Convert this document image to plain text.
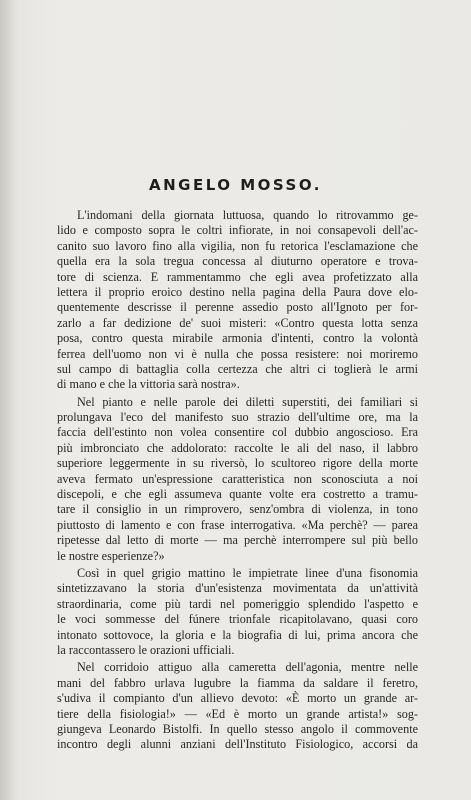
ANGELO MOSSO.
L'indomani della giornata luttuosa, quando lo ritrovammo ge-
lido e composto sopra le coltri infiorate, in noi consapevoli dell'ac-
canito suo lavoro fino alla vigilia, non fu retorica l'esclamazione che
quella era la sola tregua concessa al diuturno operatore e trova-
tore di scienza. E rammentammo che egli avea profetizzato alla
lettera il proprio eroico destino nella pagina della Paura dove elo-
quentemente descrisse il perenne assedio posto all'Ignoto per for-
zarlo a far dedizione de' suoi misteri: «Contro questa lotta senza
posa, contro questa mirabile armonia d'intenti, contro la volontà
ferrea dell'uomo non vi è nulla che possa resistere: noi moriremo
sul campo di battaglia colla certezza che altri ci toglierà le armi
di mano e che la vittoria sarà nostra».
Nel pianto e nelle parole dei diletti superstiti, dei familiari si
prolungava l'eco del manifesto suo strazio dell'ultime ore, ma la
faccia dell'estinto non volea consentire col dubbio angoscioso. Era
più imbronciato che addolorato: raccolte le ali del naso, il labbro
superiore leggermente in su riversò, lo scultoreo rigore della morte
aveva fermato un'espressione caratteristica non sconosciuta a noi
discepoli, e che egli assumeva quante volte era costretto a tramu-
tare il consiglio in un rimprovero, senz'ombra di violenza, in tono
piuttosto di lamento e con frase interrogativa. «Ma perchè? — parea
ripetesse dal letto di morte — ma perchè interrompere sul più bello
le nostre esperienze?»
Così in quel grigio mattino le impietrate linee d'una fisonomia
sintetizzavano la storia d'un'esistenza movimentata da un'attività
straordinaria, come più tardi nel pomeriggio splendido l'aspetto e
le voci sommesse del fúnere trionfale ricapitolavano, quasi coro
intonato sottovoce, la gloria e la biografia di lui, prima ancora che
la raccontassero le orazioni ufficiali.
Nel corridoio attiguo alla cameretta dell'agonia, mentre nelle
mani del fabbro urlava lugubre la fiamma da saldare il feretro,
s'udiva il compianto d'un allievo devoto: «È morto un grande ar-
tiere della fisiologia!» — «Ed è morto un grande artista!» sog-
giungeva Leonardo Bistolfi. In quello stesso angolo il commovente
incontro degli alunni anziani dell'Instituto Fisiologico, accorsi da
